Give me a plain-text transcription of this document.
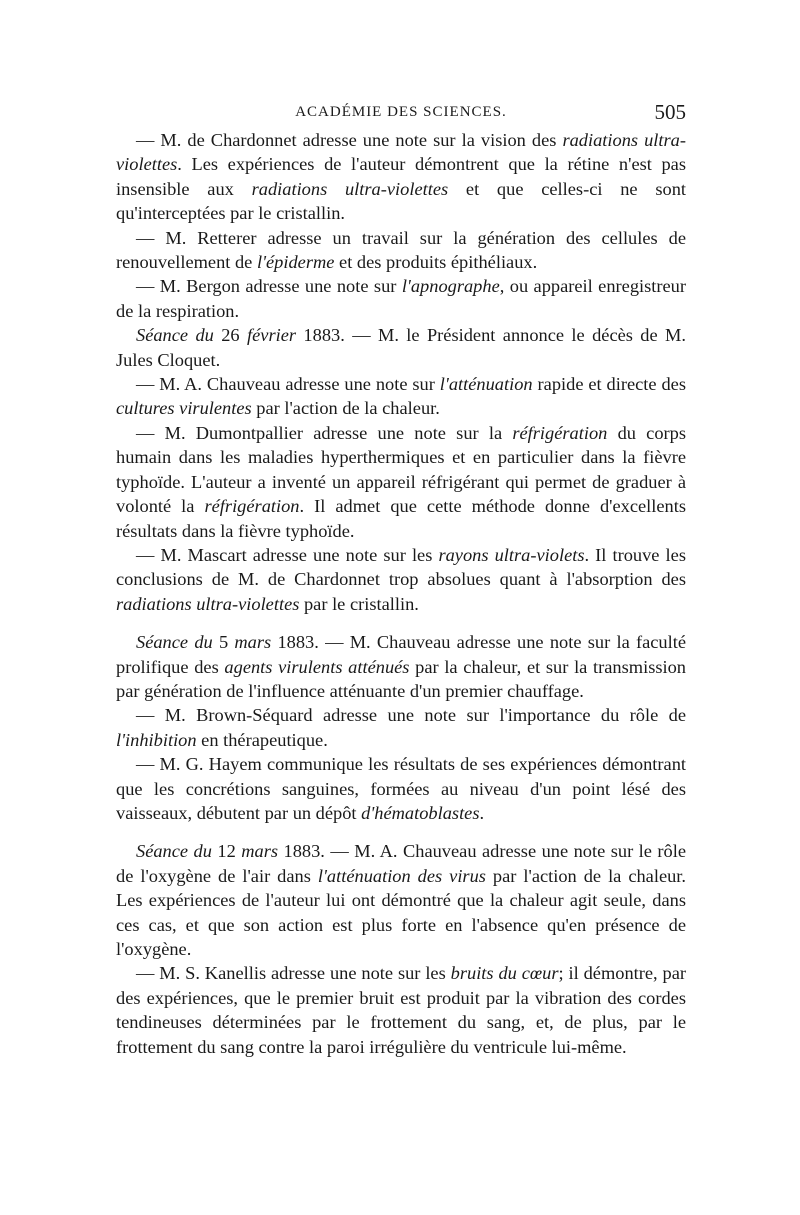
ACADÉMIE DES SCIENCES.	505

— M. de Chardonnet adresse une note sur la vision des radiations ultra-violettes. Les expériences de l'auteur démontrent que la rétine n'est pas insensible aux radiations ultra-violettes et que celles-ci ne sont qu'interceptées par le cristallin.

— M. Retterer adresse un travail sur la génération des cellules de renouvellement de l'épiderme et des produits épithéliaux.

— M. Bergon adresse une note sur l'apnographe, ou appareil enregistreur de la respiration.

Séance du 26 février 1883. — M. le Président annonce le décès de M. Jules Cloquet.

— M. A. Chauveau adresse une note sur l'atténuation rapide et directe des cultures virulentes par l'action de la chaleur.

— M. Dumontpallier adresse une note sur la réfrigération du corps humain dans les maladies hyperthermiques et en particulier dans la fièvre typhoïde. L'auteur a inventé un appareil réfrigérant qui permet de graduer à volonté la réfrigération. Il admet que cette méthode donne d'excellents résultats dans la fièvre typhoïde.

— M. Mascart adresse une note sur les rayons ultra-violets. Il trouve les conclusions de M. de Chardonnet trop absolues quant à l'absorption des radiations ultra-violettes par le cristallin.

Séance du 5 mars 1883. — M. Chauveau adresse une note sur la faculté prolifique des agents virulents atténués par la chaleur, et sur la transmission par génération de l'influence atténuante d'un premier chauffage.

— M. Brown-Séquard adresse une note sur l'importance du rôle de l'inhibition en thérapeutique.

— M. G. Hayem communique les résultats de ses expériences démontrant que les concrétions sanguines, formées au niveau d'un point lésé des vaisseaux, débutent par un dépôt d'hématoblastes.

Séance du 12 mars 1883. — M. A. Chauveau adresse une note sur le rôle de l'oxygène de l'air dans l'atténuation des virus par l'action de la chaleur. Les expériences de l'auteur lui ont démontré que la chaleur agit seule, dans ces cas, et que son action est plus forte en l'absence qu'en présence de l'oxygène.

— M. S. Kanellis adresse une note sur les bruits du cœur; il démontre, par des expériences, que le premier bruit est produit par la vibration des cordes tendineuses déterminées par le frottement du sang, et, de plus, par le frottement du sang contre la paroi irrégulière du ventricule lui-même.
